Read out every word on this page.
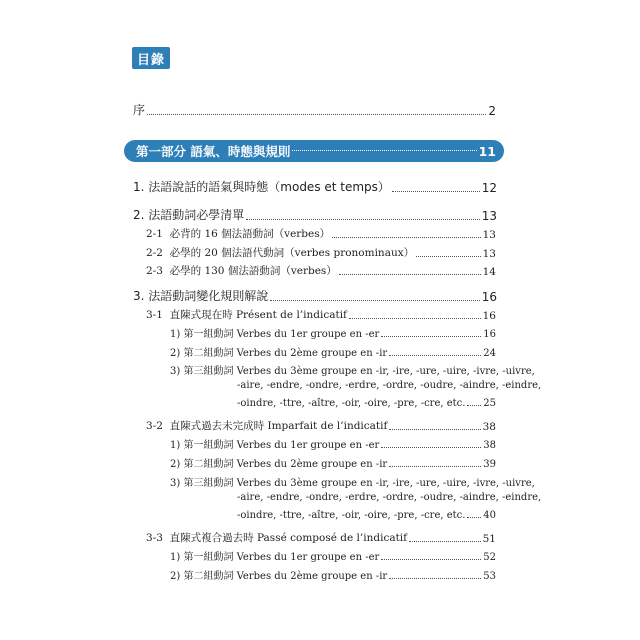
目錄
序	2
第一部分 語氣、時態與規則	11
1. 法語說話的語氣與時態（modes et temps）	12
2. 法語動詞必學清單	13
2-1 必背的 16 個法語動詞（verbes）	13
2-2 必學的 20 個法語代動詞（verbes pronominaux）	13
2-3 必學的 130 個法語動詞（verbes）	14
3. 法語動詞變化規則解說	16
3-1 直陳式現在時 Présent de l’indicatif	16
1) 第一組動詞 Verbes du 1er groupe en -er	16
2) 第二組動詞 Verbes du 2ème groupe en -ir	24
3) 第三組動詞 Verbes du 3ème groupe en -ir, -ire, -ure, -uire, -ivre, -uivre,
-aire, -endre, -ondre, -erdre, -ordre, -oudre, -aindre, -eindre,
-oindre, -ttre, -aître, -oir, -oire, -pre, -cre, etc. 25
3-2 直陳式過去未完成時 Imparfait de l’indicatif	38
1) 第一組動詞 Verbes du 1er groupe en -er	38
2) 第二組動詞 Verbes du 2ème groupe en -ir	39
3) 第三組動詞 Verbes du 3ème groupe en -ir, -ire, -ure, -uire, -ivre, -uivre,
-aire, -endre, -ondre, -erdre, -ordre, -oudre, -aindre, -eindre,
-oindre, -ttre, -aître, -oir, -oire, -pre, -cre, etc. 40
3-3 直陳式複合過去時 Passé composé de l’indicatif	51
1) 第一組動詞 Verbes du 1er groupe en -er	52
2) 第二組動詞 Verbes du 2ème groupe en -ir	53
